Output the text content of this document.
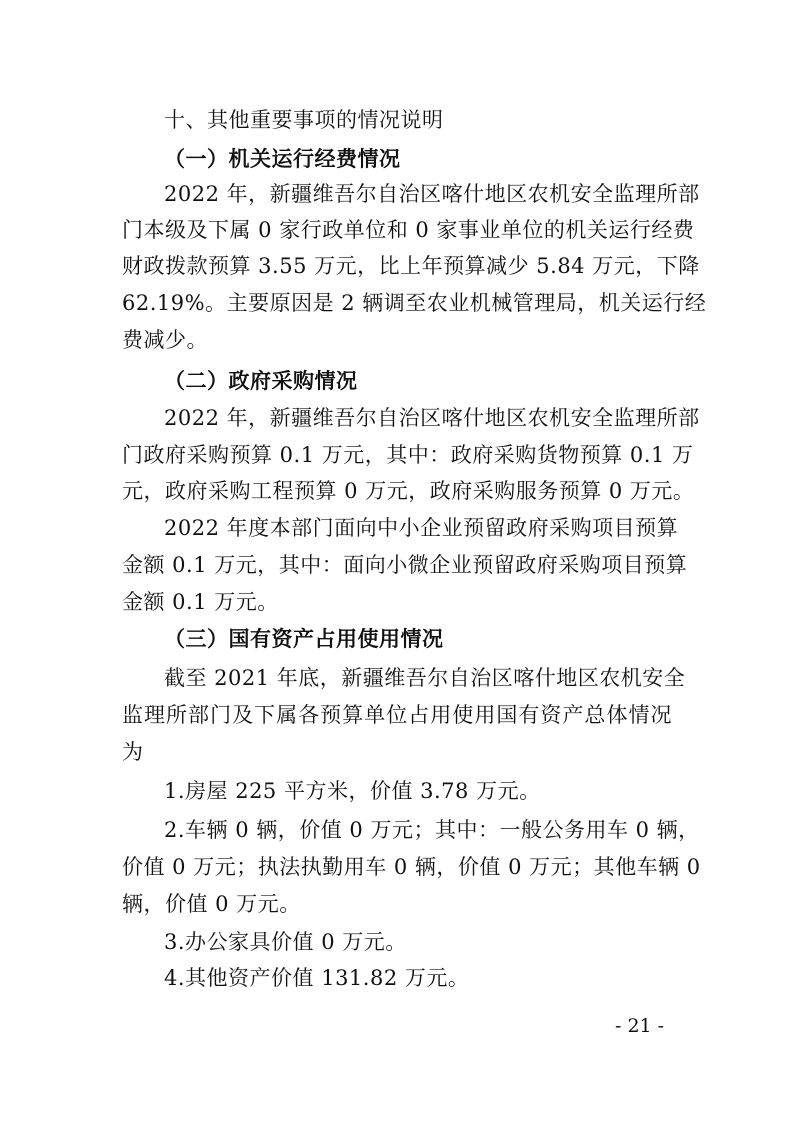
十、其他重要事项的情况说明
（一）机关运行经费情况
2022 年，新疆维吾尔自治区喀什地区农机安全监理所部
门本级及下属 0 家行政单位和 0 家事业单位的机关运行经费
财政拨款预算 3.55 万元，比上年预算减少 5.84 万元，下降
62.19%。主要原因是 2 辆调至农业机械管理局，机关运行经
费减少。
（二）政府采购情况
2022 年，新疆维吾尔自治区喀什地区农机安全监理所部
门政府采购预算 0.1 万元，其中：政府采购货物预算 0.1 万
元，政府采购工程预算 0 万元，政府采购服务预算 0 万元。
2022 年度本部门面向中小企业预留政府采购项目预算
金额 0.1 万元，其中：面向小微企业预留政府采购项目预算
金额 0.1 万元。
（三）国有资产占用使用情况
截至 2021 年底，新疆维吾尔自治区喀什地区农机安全
监理所部门及下属各预算单位占用使用国有资产总体情况
为
1.房屋 225 平方米，价值 3.78 万元。
2.车辆 0 辆，价值 0 万元；其中：一般公务用车 0 辆，
价值 0 万元；执法执勤用车 0 辆，价值 0 万元；其他车辆 0
辆，价值 0 万元。
3.办公家具价值 0 万元。
4.其他资产价值 131.82 万元。
- 21 -
